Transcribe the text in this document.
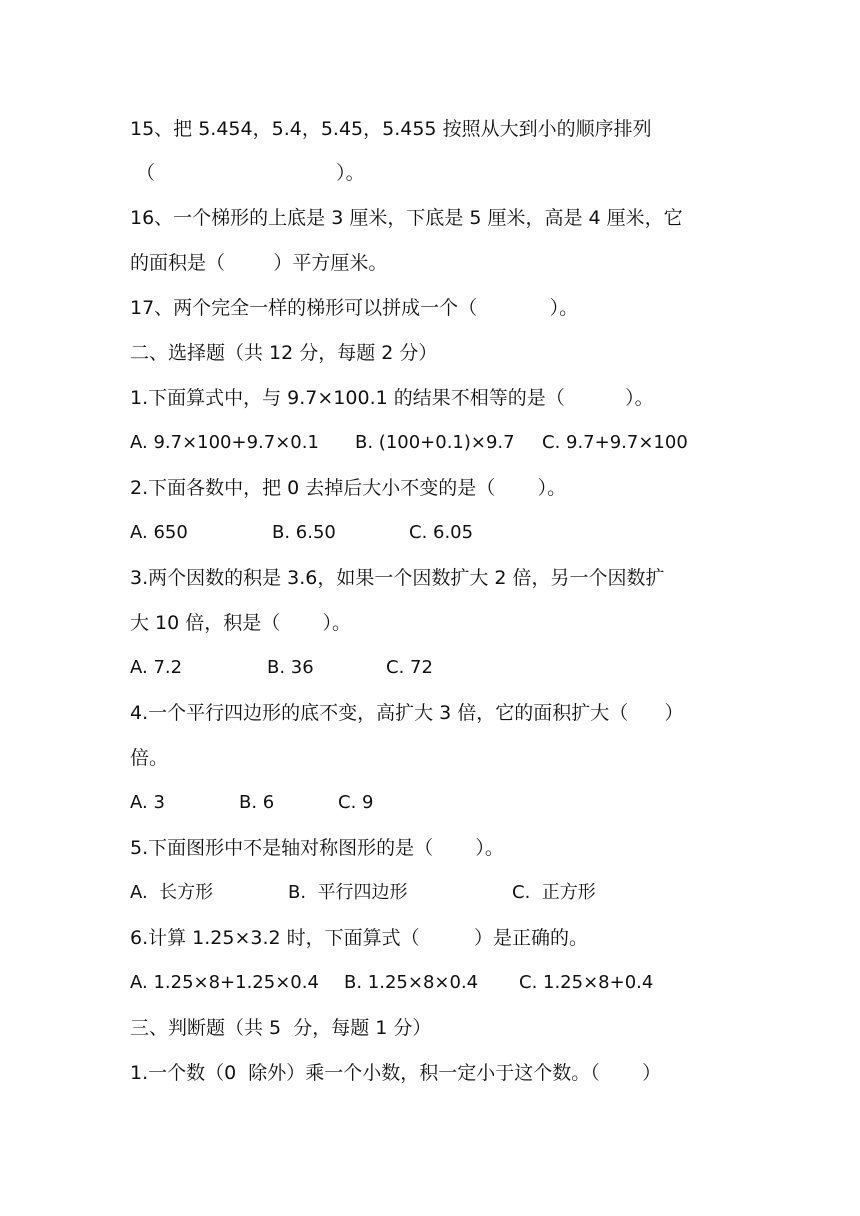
15、把 5.454，5.4，5.45，5.455 按照从大到小的顺序排列
（                              ）。
16、一个梯形的上底是 3 厘米，下底是 5 厘米，高是 4 厘米，它
的面积是（        ）平方厘米。
17、两个完全一样的梯形可以拼成一个（            ）。
二、选择题（共 12 分，每题 2 分）
1.下面算式中，与 9.7×100.1 的结果不相等的是（          ）。
A. 9.7×100+9.7×0.1 B. (100+0.1)×9.7 C. 9.7+9.7×100
2.下面各数中，把 0 去掉后大小不变的是（       ）。
A. 650	B. 6.50	C. 6.05
3.两个因数的积是 3.6，如果一个因数扩大 2 倍，另一个因数扩
大 10 倍，积是（       ）。
A. 7.2	B. 36	C. 72
4.一个平行四边形的底不变，高扩大 3 倍，它的面积扩大（      ）
倍。
A. 3	B. 6	C. 9
5.下面图形中不是轴对称图形的是（       ）。
A.  长方形	B.  平行四边形	C.  正方形
6.计算 1.25×3.2 时，下面算式（         ）是正确的。
A. 1.25×8+1.25×0.4 B. 1.25×8×0.4 C. 1.25×8+0.4
三、判断题（共 5  分，每题 1 分）
1.一个数（0  除外）乘一个小数，积一定小于这个数。（       ）
